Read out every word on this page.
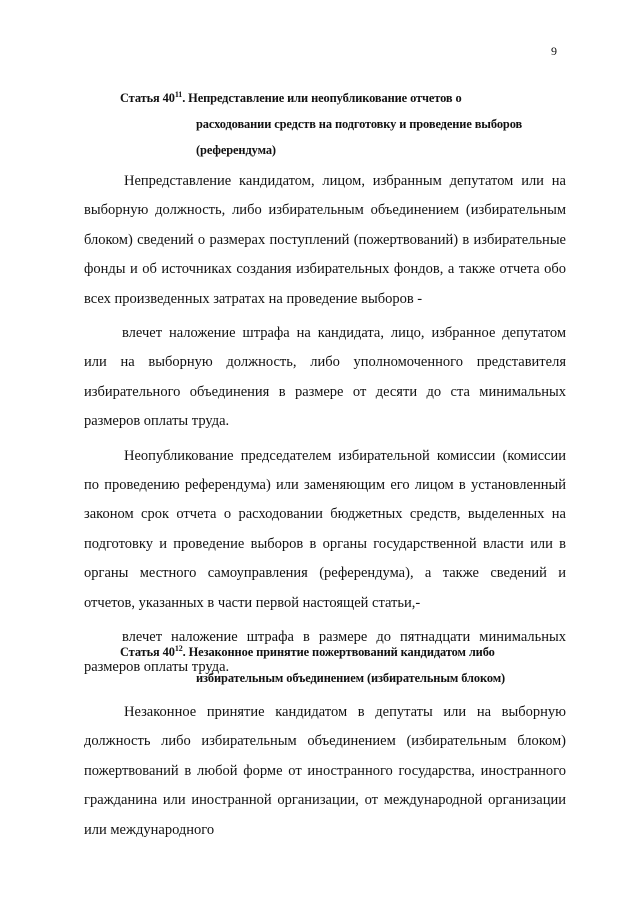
9
Статья $40^{11}$. Непредставление или неопубликование отчетов о
расходовании средств на подготовку и проведение выборов
(референдума)

Непредставление кандидатом, лицом, избранным депутатом или на выборную должность, либо избирательным объединением (избирательным блоком) сведений о размерах поступлений (пожертвований) в избирательные фонды и об источниках создания избирательных фондов, а также отчета обо всех произведенных затратах на проведение выборов -

влечет наложение штрафа на кандидата, лицо, избранное депутатом или на выборную должность, либо уполномоченного представителя избирательного объединения в размере от десяти до ста минимальных размеров оплаты труда.

Неопубликование председателем избирательной комиссии (комиссии по проведению референдума) или заменяющим его лицом в установленный законом срок отчета о расходовании бюджетных средств, выделенных на подготовку и проведение выборов в органы государственной власти или в органы местного самоуправления (референдума), а также сведений и отчетов, указанных в части первой настоящей статьи,-

влечет наложение штрафа в размере до пятнадцати минимальных размеров оплаты труда.

Статья $40^{12}$. Незаконное принятие пожертвований кандидатом либо
избирательным объединением (избирательным блоком)

Незаконное принятие кандидатом в депутаты или на выборную должность либо избирательным объединением (избирательным блоком) пожертвований в любой форме от иностранного государства, иностранного гражданина или иностранной организации, от международной организации или международного
